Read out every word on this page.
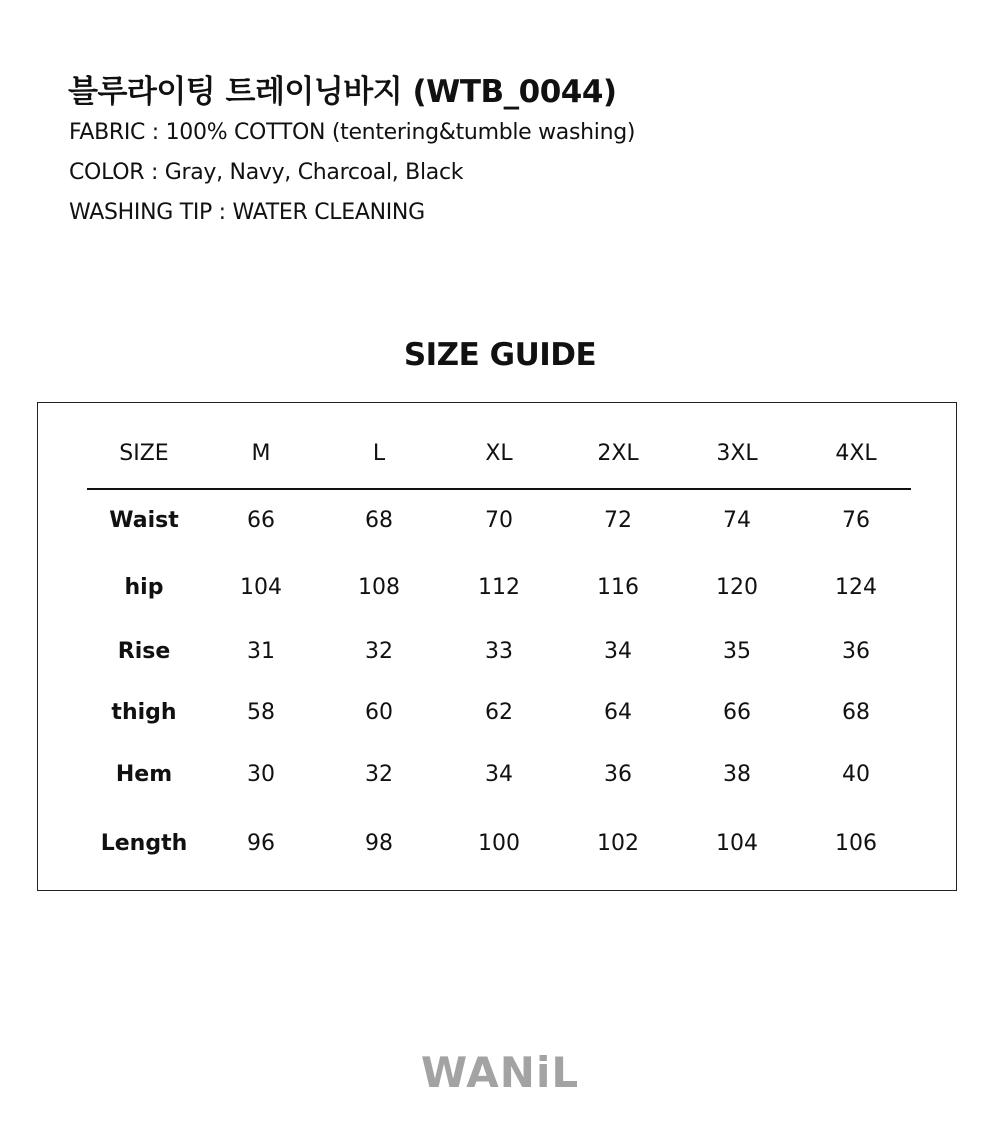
블루라이팅 트레이닝바지 (WTB_0044)

FABRIC : 100% COTTON (tentering&tumble washing)

COLOR : Gray, Navy, Charcoal, Black

WASHING TIP : WATER CLEANING

SIZE GUIDE
SIZE	M	L	XL	2XL	3XL	4XL
Waist	66	68	70	72	74	76
hip	104	108	112	116	120	124
Rise	31	32	33	34	35	36
thigh	58	60	62	64	66	68
Hem	30	32	34	36	38	40
Length	96	98	100	102	104	106
WANiL
